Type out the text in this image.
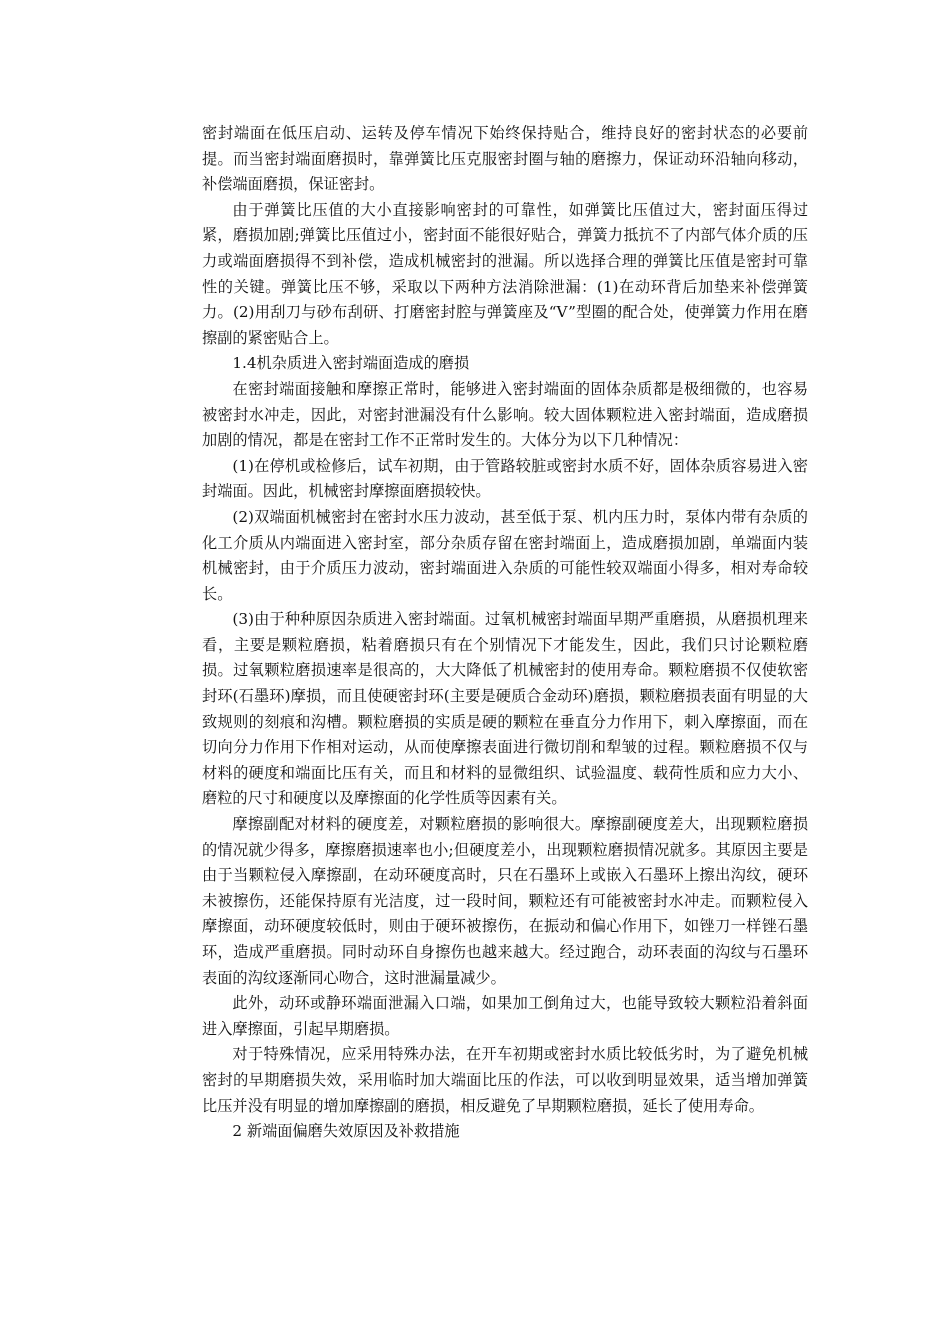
密封端面在低压启动、运转及停车情况下始终保持贴合，维持良好的密封状态的必要前提。而当密封端面磨损时，靠弹簧比压克服密封圈与轴的磨擦力，保证动环沿轴向移动，补偿端面磨损，保证密封。

由于弹簧比压值的大小直接影响密封的可靠性，如弹簧比压值过大，密封面压得过紧，磨损加剧;弹簧比压值过小，密封面不能很好贴合，弹簧力抵抗不了内部气体介质的压力或端面磨损得不到补偿，造成机械密封的泄漏。所以选择合理的弹簧比压值是密封可靠性的关键。弹簧比压不够，采取以下两种方法消除泄漏：(1)在动环背后加垫来补偿弹簧力。(2)用刮刀与砂布刮研、打磨密封腔与弹簧座及“V”型圈的配合处，使弹簧力作用在磨擦副的紧密贴合上。

1.4机杂质进入密封端面造成的磨损

在密封端面接触和摩擦正常时，能够进入密封端面的固体杂质都是极细微的，也容易被密封水冲走，因此，对密封泄漏没有什么影响。较大固体颗粒进入密封端面，造成磨损加剧的情况，都是在密封工作不正常时发生的。大体分为以下几种情况：

(1)在停机或检修后，试车初期，由于管路较脏或密封水质不好，固体杂质容易进入密封端面。因此，机械密封摩擦面磨损较快。

(2)双端面机械密封在密封水压力波动，甚至低于泵、机内压力时，泵体内带有杂质的化工介质从内端面进入密封室，部分杂质存留在密封端面上，造成磨损加剧，单端面内装机械密封，由于介质压力波动，密封端面进入杂质的可能性较双端面小得多，相对寿命较长。

(3)由于种种原因杂质进入密封端面。过氧机械密封端面早期严重磨损，从磨损机理来看，主要是颗粒磨损，粘着磨损只有在个别情况下才能发生，因此，我们只讨论颗粒磨损。过氧颗粒磨损速率是很高的，大大降低了机械密封的使用寿命。颗粒磨损不仅使软密封环(石墨环)摩损，而且使硬密封环(主要是硬质合金动环)磨损，颗粒磨损表面有明显的大致规则的刻痕和沟槽。颗粒磨损的实质是硬的颗粒在垂直分力作用下，刺入摩擦面，而在切向分力作用下作相对运动，从而使摩擦表面进行微切削和犁皱的过程。颗粒磨损不仅与材料的硬度和端面比压有关，而且和材料的显微组织、试验温度、载荷性质和应力大小、磨粒的尺寸和硬度以及摩擦面的化学性质等因素有关。

摩擦副配对材料的硬度差，对颗粒磨损的影响很大。摩擦副硬度差大，出现颗粒磨损的情况就少得多，摩擦磨损速率也小;但硬度差小，出现颗粒磨损情况就多。其原因主要是由于当颗粒侵入摩擦副，在动环硬度高时，只在石墨环上或嵌入石墨环上擦出沟纹，硬环未被擦伤，还能保持原有光洁度，过一段时间，颗粒还有可能被密封水冲走。而颗粒侵入摩擦面，动环硬度较低时，则由于硬环被擦伤，在振动和偏心作用下，如锉刀一样锉石墨环，造成严重磨损。同时动环自身擦伤也越来越大。经过跑合，动环表面的沟纹与石墨环表面的沟纹逐渐同心吻合，这时泄漏量减少。

此外，动环或静环端面泄漏入口端，如果加工倒角过大，也能导致较大颗粒沿着斜面进入摩擦面，引起早期磨损。

对于特殊情况，应采用特殊办法，在开车初期或密封水质比较低劣时，为了避免机械密封的早期磨损失效，采用临时加大端面比压的作法，可以收到明显效果，适当增加弹簧比压并没有明显的增加摩擦副的磨损，相反避免了早期颗粒磨损，延长了使用寿命。

2 新端面偏磨失效原因及补救措施
